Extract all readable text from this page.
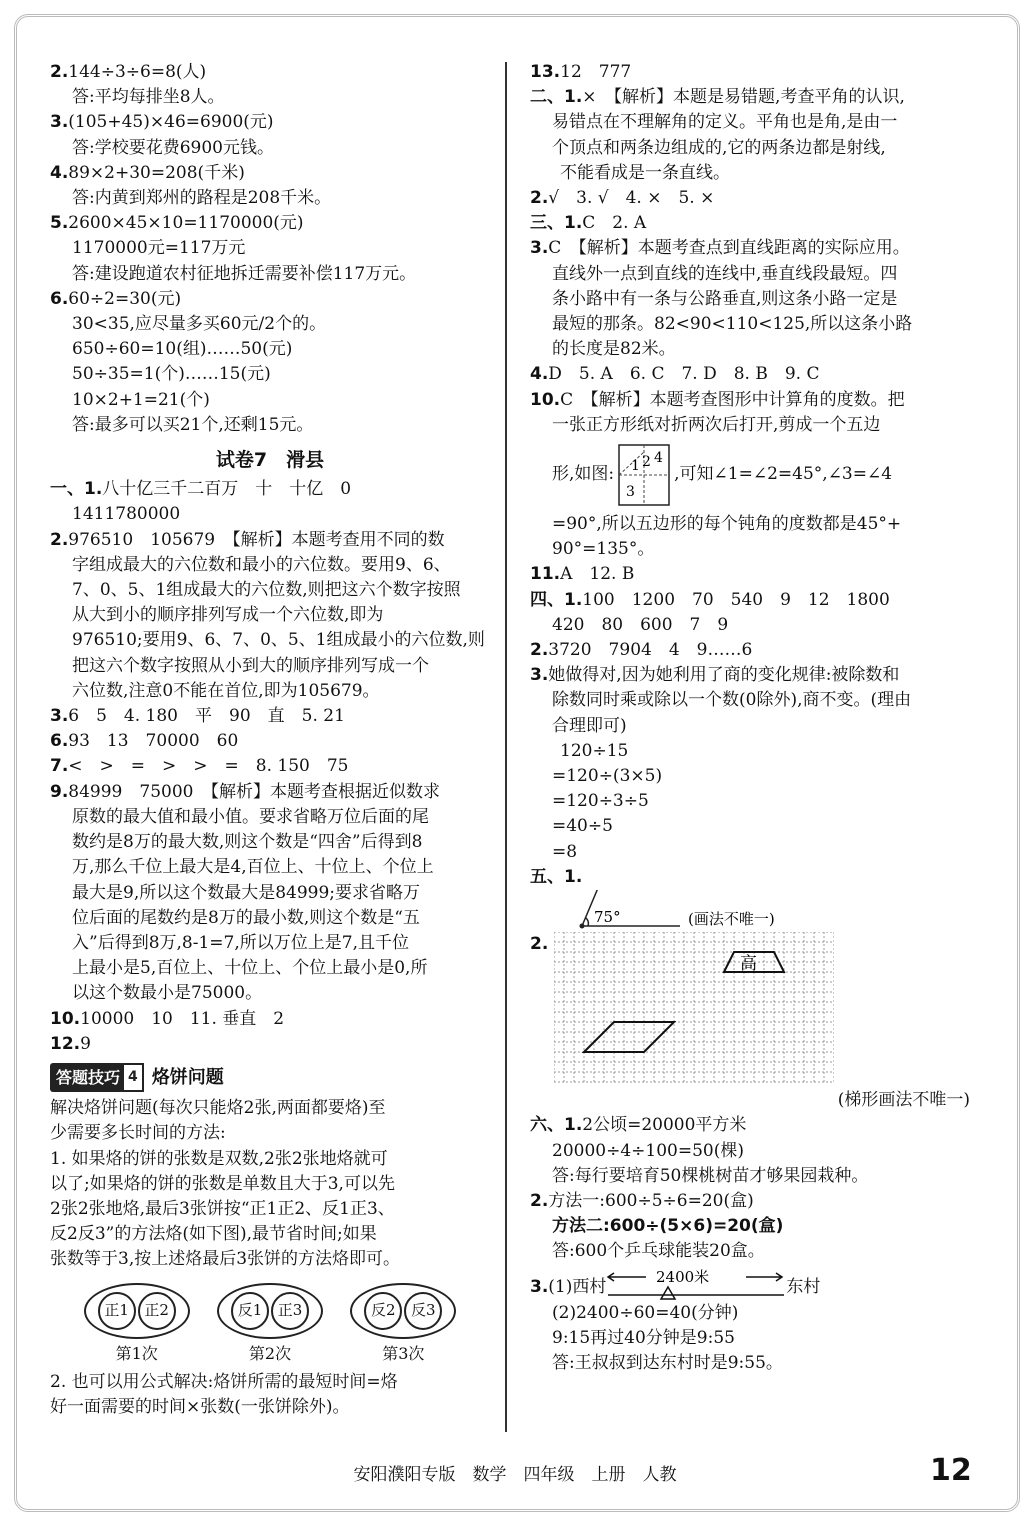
2.144÷3÷6=8(人)
答:平均每排坐8人。
3.(105+45)×46=6900(元)
答:学校要花费6900元钱。
4.89×2+30=208(千米)
答:内黄到郑州的路程是208千米。
5.2600×45×10=1170000(元)
1170000元=117万元
答:建设跑道农村征地拆迁需要补偿117万元。
6.60÷2=30(元)
30<35,应尽量多买60元/2个的。
650÷60=10(组)……50(元)
50÷35=1(个)……15(元)
10×2+1=21(个)
答:最多可以买21个,还剩15元。
试卷7　滑县
一、1.八十亿三千二百万　十　十亿　0
1411780000
2.976510　105679　【解析】本题考查用不同的数
字组成最大的六位数和最小的六位数。要用9、6、
7、0、5、1组成最大的六位数,则把这六个数字按照
从大到小的顺序排列写成一个六位数,即为
976510;要用9、6、7、0、5、1组成最小的六位数,则
把这六个数字按照从小到大的顺序排列写成一个
六位数,注意0不能在首位,即为105679。
3.6　5　4. 180　平　90　直　5. 21
6.93　13　70000　60
7.<　>　=　>　>　=　8. 150　75
9.84999　75000　【解析】本题考查根据近似数求
原数的最大值和最小值。要求省略万位后面的尾
数约是8万的最大数,则这个数是“四舍”后得到8
万,那么千位上最大是4,百位上、十位上、个位上
最大是9,所以这个数最大是84999;要求省略万
位后面的尾数约是8万的最小数,则这个数是“五
入”后得到8万,8-1=7,所以万位上是7,且千位
上最小是5,百位上、十位上、个位上最小是0,所
以这个数最小是75000。
10.10000　10　11. 垂直　2
12.9
答题技巧 4 烙饼问题
解决烙饼问题(每次只能烙2张,两面都要烙)至
少需要多长时间的方法:
1. 如果烙的饼的张数是双数,2张2张地烙就可
以了;如果烙的饼的张数是单数且大于3,可以先
2张2张地烙,最后3张饼按“正1正2、反1正3、
反2反3”的方法烙(如下图),最节省时间;如果
张数等于3,按上述烙最后3张饼的方法烙即可。
正1	正2
第1次
反1	正3
第2次
反2	反3
第3次
2. 也可以用公式解决:烙饼所需的最短时间=烙
好一面需要的时间×张数(一张饼除外)。
13.12　777
二、1.×　【解析】本题是易错题,考查平角的认识,
易错点在不理解角的定义。平角也是角,是由一
个顶点和两条边组成的,它的两条边都是射线,
不能看成是一条直线。
2.√　3. √　4. ×　5. ×
三、1.C　2. A
3.C　【解析】本题考查点到直线距离的实际应用。
直线外一点到直线的连线中,垂直线段最短。四
条小路中有一条与公路垂直,则这条小路一定是
最短的那条。82<90<110<125,所以这条小路
的长度是82米。
4.D　5. A　6. C　7. D　8. B　9. C
10.C　【解析】本题考查图形中计算角的度数。把
一张正方形纸对折两次后打开,剪成一个五边
形,如图: 1 2 4
3
,可知∠1=∠2=45°,∠3=∠4
=90°,所以五边形的每个钝角的度数都是45°+
90°=135°。
11.A　12. B
四、1.100　1200　70　540　9　12　1800
420　80　600　7　9
2.3720　7904　4　9……6
3.她做得对,因为她利用了商的变化规律:被除数和
除数同时乘或除以一个数(0除外),商不变。(理由
合理即可)
120÷15
=120÷(3×5)
=120÷3÷5
=40÷5
=8
五、1.
75°	(画法不唯一)
2.
高
(梯形画法不唯一)
六、1.2公顷=20000平方米
20000÷4÷100=50(棵)
答:每行要培育50棵桃树苗才够果园栽种。
2.方法一:600÷5÷6=20(盒)
方法二:600÷(5×6)=20(盒)
答:600个乒乓球能装20盒。
3. (1) 西村
2400米
东村
(2)2400÷60=40(分钟)
9:15再过40分钟是9:55
答:王叔叔到达东村时是9:55。
安阳濮阳专版　数学　四年级　上册　人教	12
